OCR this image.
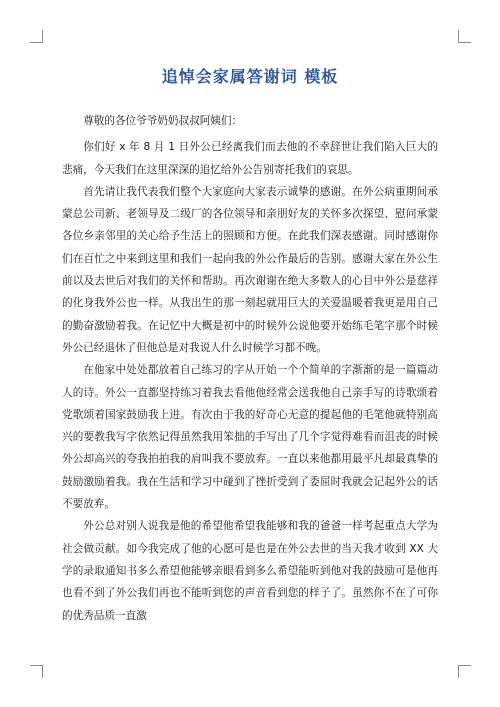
追悼会家属答谢词 模板

尊敬的各位爷爷奶奶叔叔阿姨们：

你们好 x 年 8 月 1 日外公已经离我们而去他的不幸辞世让我们陷入巨大的悲痛，今天我们在这里深深的追忆给外公告别寄托我们的哀思。

首先请让我代表我们整个大家庭向大家表示诚挚的感谢。在外公病重期间承蒙总公司新、老领导及二级厂的各位领导和亲朋好友的关怀多次探望、慰问承蒙各位乡亲邻里的关心给予生活上的照顾和方便。在此我们深表感谢。同时感谢你们在百忙之中来到这里和我们一起向我的外公作最后的告别。感谢大家在外公生前以及去世后对我们的关怀和帮助。再次谢谢在绝大多数人的心目中外公是慈祥的化身我外公也一样。从我出生的那一刻起就用巨大的关爱温暖着我更是用自己的勤奋激励着我。在记忆中大概是初中的时候外公说他要开始练毛笔字那个时候外公已经退休了但他总是对我说人什么时候学习都不晚。

在他家中处处都放着自己练习的字从开始一个个简单的字渐渐的是一篇篇动人的诗。外公一直都坚持练习着我去看他他经常会送我他自己亲手写的诗歌颂着党歌颂着国家鼓励我上进。有次由于我的好奇心无意的提起他的毛笔他就特别高兴的要教我写字依然记得虽然我用笨拙的手写出了几个字觉得难看而沮丧的时候外公却高兴的夸我拍拍我的肩叫我不要放弃。一直以来他都用最平凡却最真挚的鼓励激励着我。我在生活和学习中碰到了挫折受到了委屈时我就会记起外公的话不要放弃。

外公总对别人说我是他的希望他希望我能够和我的爸爸一样考起重点大学为社会做贡献。如今我完成了他的心愿可是也是在外公去世的当天我才收到 XX 大学的录取通知书多么希望他能够亲眼看到多么希望能听到他对我的鼓励可是他再也看不到了外公我们再也不能听到您的声音看到您的样子了。虽然你不在了可你的优秀品质一直激
